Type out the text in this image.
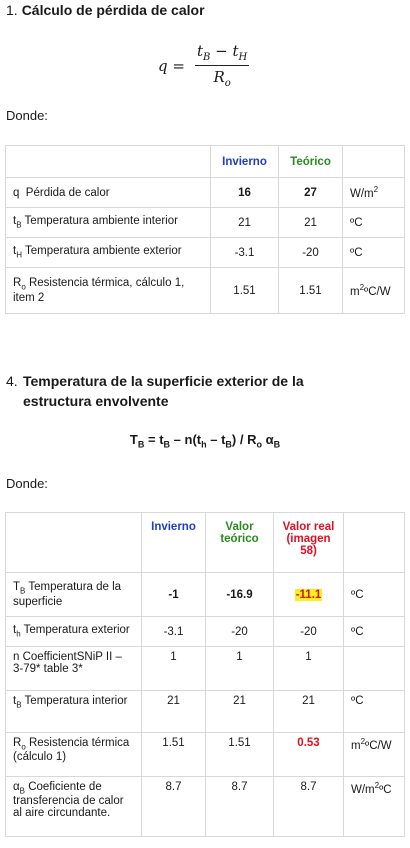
1. Cálculo de pérdida de calor
$q = \frac{t_B - t_H}{R_o}$
Donde:
	Invierno	Teórico	
q Pérdida de calor	16	27	$W/m^2$
$t_B$ Temperatura ambiente interior	21	21	ºC
$t_H$ Temperatura ambiente exterior	-3.1	-20	ºC
$R_o$ Resistencia térmica, cálculo 1, item 2	1.51	1.51	$m^2ºC/W$
4. Temperatura de la superficie exterior de la estructura envolvente
$T_B = t_B - n(t_h - t_B) / R_o$ $\alpha_B$
Donde:
	Invierno	Valor teórico	Valor real (imagen 58)	
$T_B$ Temperatura de la superficie	-1	-16.9	-11.1	ºC
$t_h$ Temperatura exterior	-3.1	-20	-20	ºC
n CoefficientSNiP II – 3-79* table 3*	1	1	1	
$t_B$ Temperatura interior	21	21	21	ºC
$R_o$ Resistencia térmica (cálculo 1)	1.51	1.51	0.53	$m^2ºC/W$
$\alpha_B$ Coeficiente de transferencia de calor al aire circundante.	8.7	8.7	8.7	$W/m^2ºC$
